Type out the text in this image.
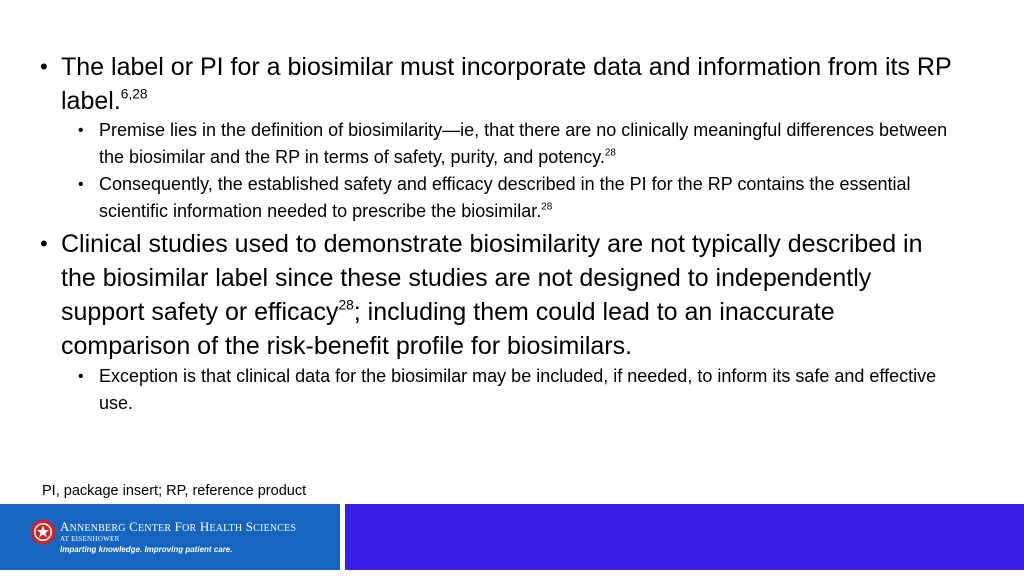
• The label or PI for a biosimilar must incorporate data and information from its RP label.$^{6,28}$
• Premise lies in the definition of biosimilarity—ie, that there are no clinically meaningful differences between the biosimilar and the RP in terms of safety, purity, and potency.$^{28}$
• Consequently, the established safety and efficacy described in the PI for the RP contains the essential scientific information needed to prescribe the biosimilar.$^{28}$
• Clinical studies used to demonstrate biosimilarity are not typically described in the biosimilar label since these studies are not designed to independently support safety or efficacy$^{28}$; including them could lead to an inaccurate comparison of the risk-benefit profile for biosimilars.
• Exception is that clinical data for the biosimilar may be included, if needed, to inform its safe and effective use.
PI, package insert; RP, reference product
ANNENBERG CENTER FOR HEALTH SCIENCES
AT EISENHOWER
Imparting knowledge. Improving patient care.
